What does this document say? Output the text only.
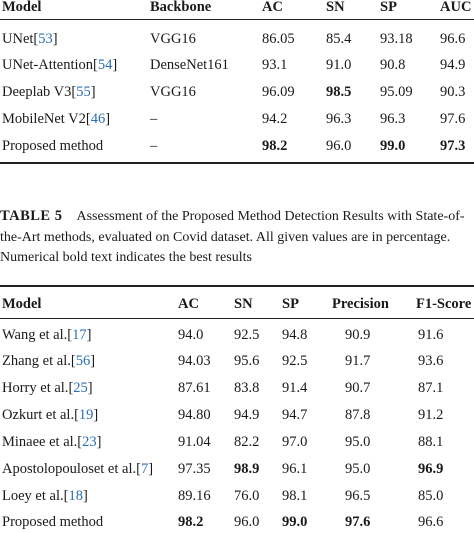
Model	Backbone	AC	SN SP	AUC
UNet[53]	VGG16	86.05 85.4 93.18 96.6
UNet-Attention[54] DenseNet161 93.1	91.0 90.8 94.9
Deeplab V3[55]	VGG16	96.09 98.5 95.09 90.3
MobileNet V2[46]	–	94.2	96.3 96.3 97.6
Proposed method	–	98.2	96.0 99.0 97.3
TABLE 5 Assessment of the Proposed Method Detection Results with State-of-the-Art methods, evaluated on Covid dataset. All given values are in percentage. Numerical bold text indicates the best results
Model	AC SN SP Precision F1-Score
Wang et al.[17]	94.0 92.5 94.8	90.9	91.6
Zhang et al.[56]	94.03 95.6 92.5	91.7	93.6
Horry et al.[25]	87.61 83.8 91.4	90.7	87.1
Ozkurt et al.[19]	94.80 94.9 94.7	87.8	91.2
Minaee et al.[23]	91.04 82.2 97.0	95.0	88.1
Apostolopouloset et al.[7] 97.35 98.9 96.1	95.0	96.9
Loey et al.[18]	89.16 76.0 98.1	96.5	85.0
Proposed method	98.2 96.0 99.0	97.6	96.6
